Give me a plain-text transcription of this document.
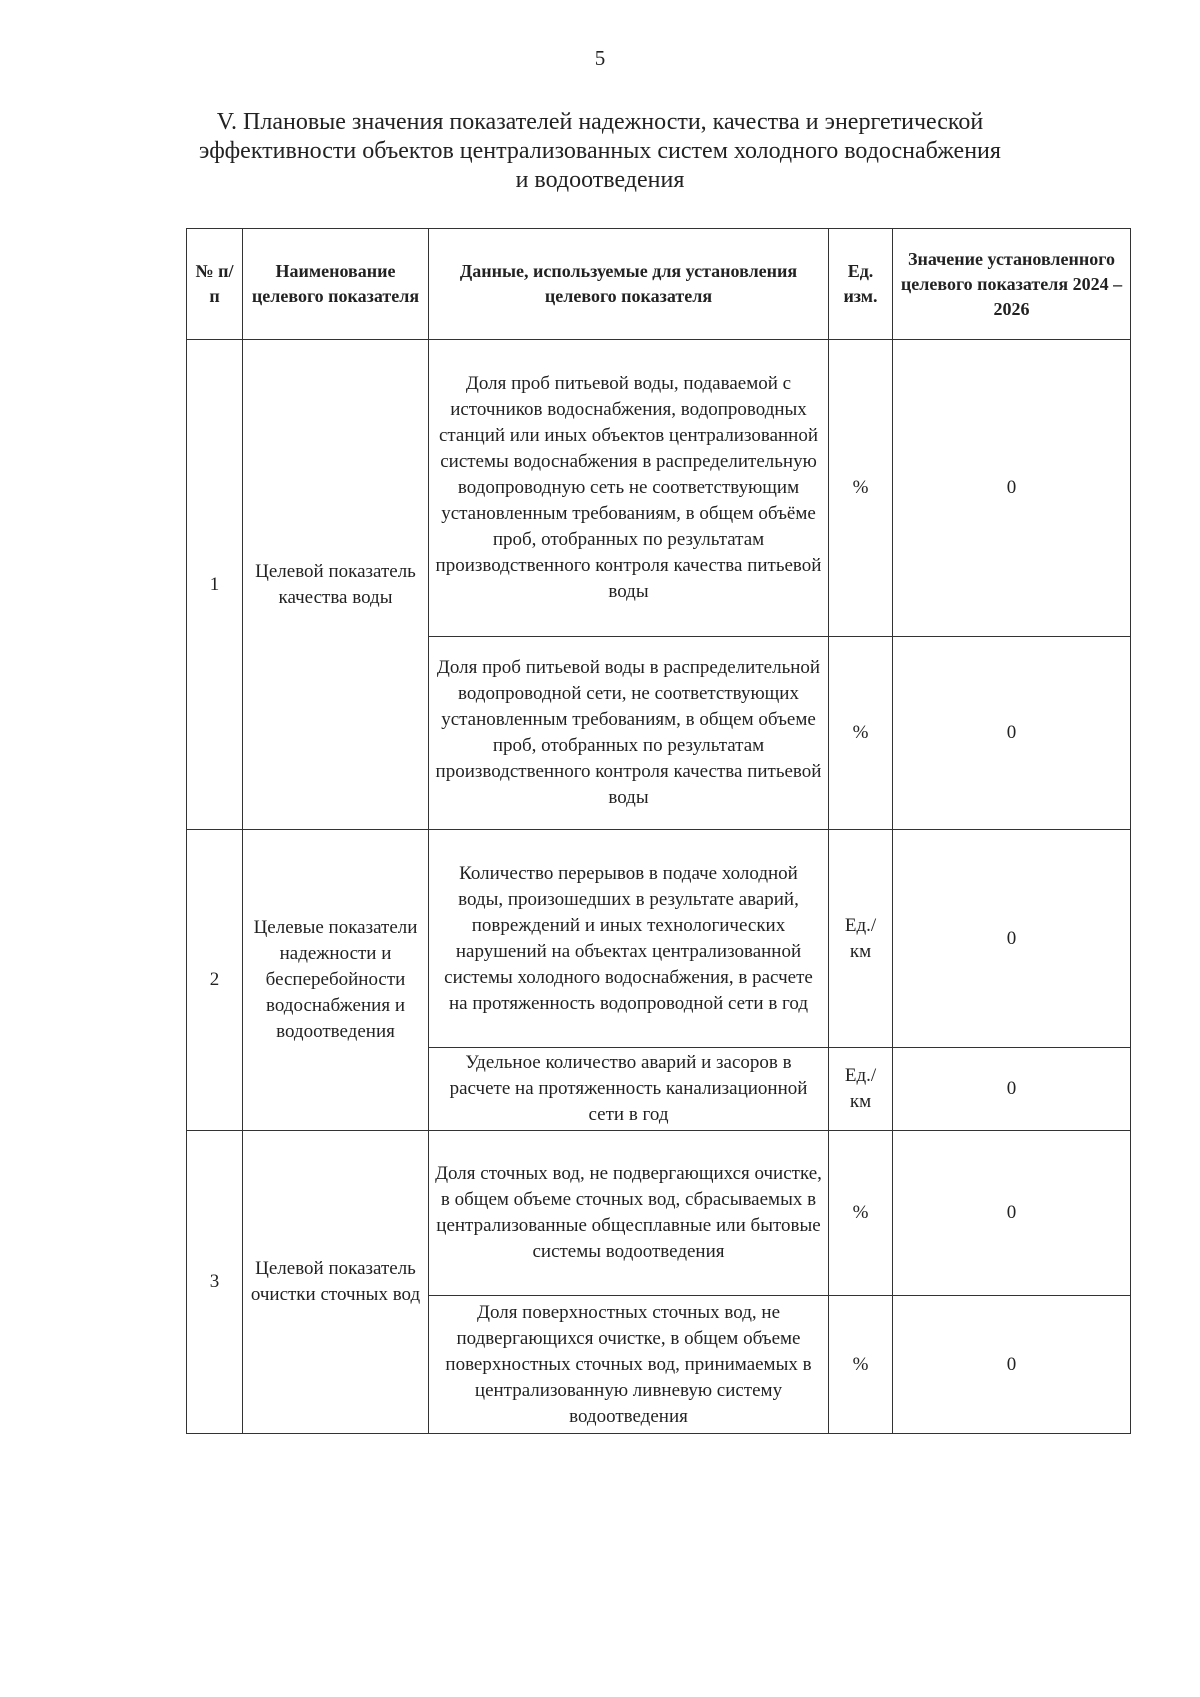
5
V. Плановые значения показателей надежности, качества и энергетической
эффективности объектов централизованных систем холодного водоснабжения
и водоотведения
№ п/п	Наименование целевого показателя	Данные, используемые для установления целевого показателя	Ед. изм.	Значение установленного целевого показателя 2024 – 2026
1	Целевой показатель качества воды	Доля проб питьевой воды, подаваемой с источников водоснабжения, водопроводных станций или иных объектов централизованной системы водоснабжения в распределительную водопроводную сеть не соответствующим установленным требованиям, в общем объёме проб, отобранных по результатам производственного контроля качества питьевой воды	%	0
		Доля проб питьевой воды в распределительной водопроводной сети, не соответствующих установленным требованиям, в общем объеме проб, отобранных по результатам производственного контроля качества питьевой воды	%	0
2	Целевые показатели надежности и бесперебойности водоснабжения и водоотведения	Количество перерывов в подаче холодной воды, произошедших в результате аварий, повреждений и иных технологических нарушений на объектах централизованной системы холодного водоснабжения, в расчете на протяженность водопроводной сети в год	Ед./км	0
		Удельное количество аварий и засоров в расчете на протяженность канализационной сети в год	Ед./км	0
3	Целевой показатель очистки сточных вод	Доля сточных вод, не подвергающихся очистке, в общем объеме сточных вод, сбрасываемых в централизованные общесплавные или бытовые системы водоотведения	%	0
		Доля поверхностных сточных вод, не подвергающихся очистке, в общем объеме поверхностных сточных вод, принимаемых в централизованную ливневую систему водоотведения	%	0
